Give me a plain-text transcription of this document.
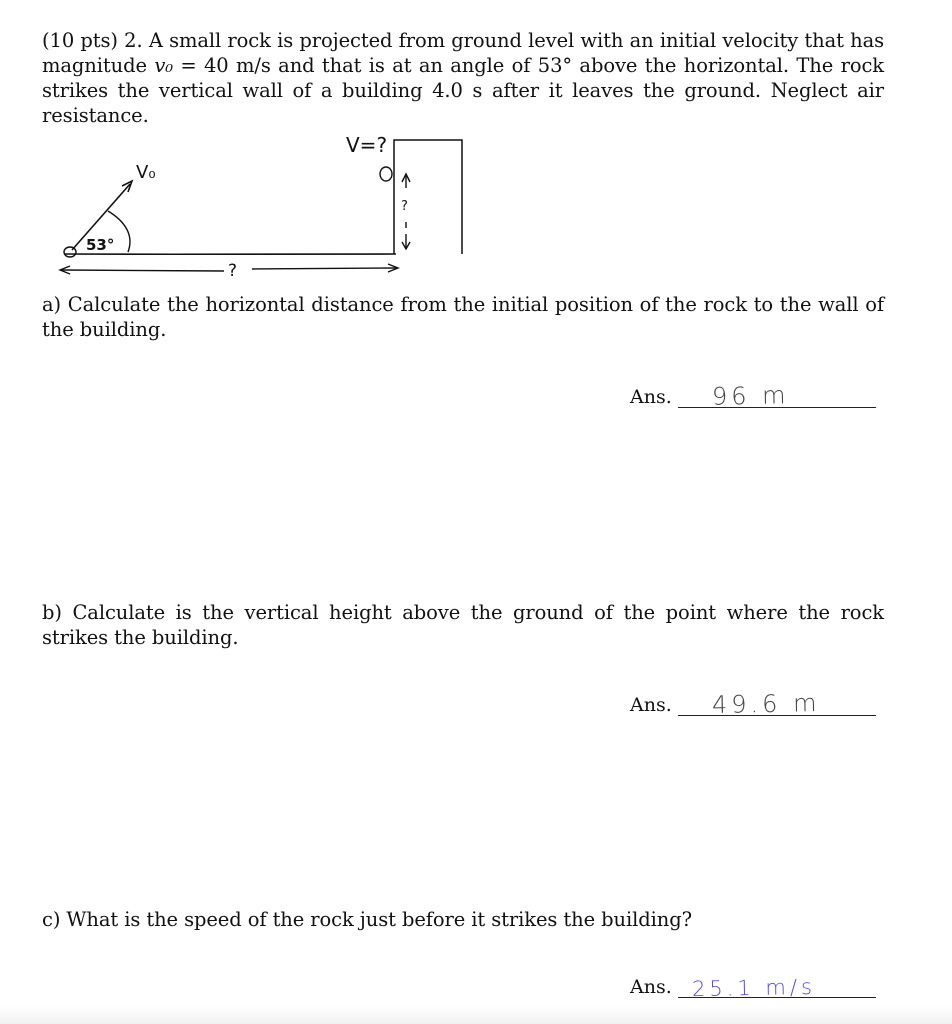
(10 pts) 2. A small rock is projected from ground level with an initial velocity that has magnitude v₀ = 40 m/s and that is at an angle of 53° above the horizontal. The rock strikes the vertical wall of a building 4.0 s after it leaves the ground. Neglect air resistance.
V₀
53°
V=?
?
?
a) Calculate the horizontal distance from the initial position of the rock to the wall of the building.
Ans. 96 m
b) Calculate is the vertical height above the ground of the point where the rock strikes the building.
Ans. 49.6 m
c) What is the speed of the rock just before it strikes the building?
Ans. 25.1 m/s
